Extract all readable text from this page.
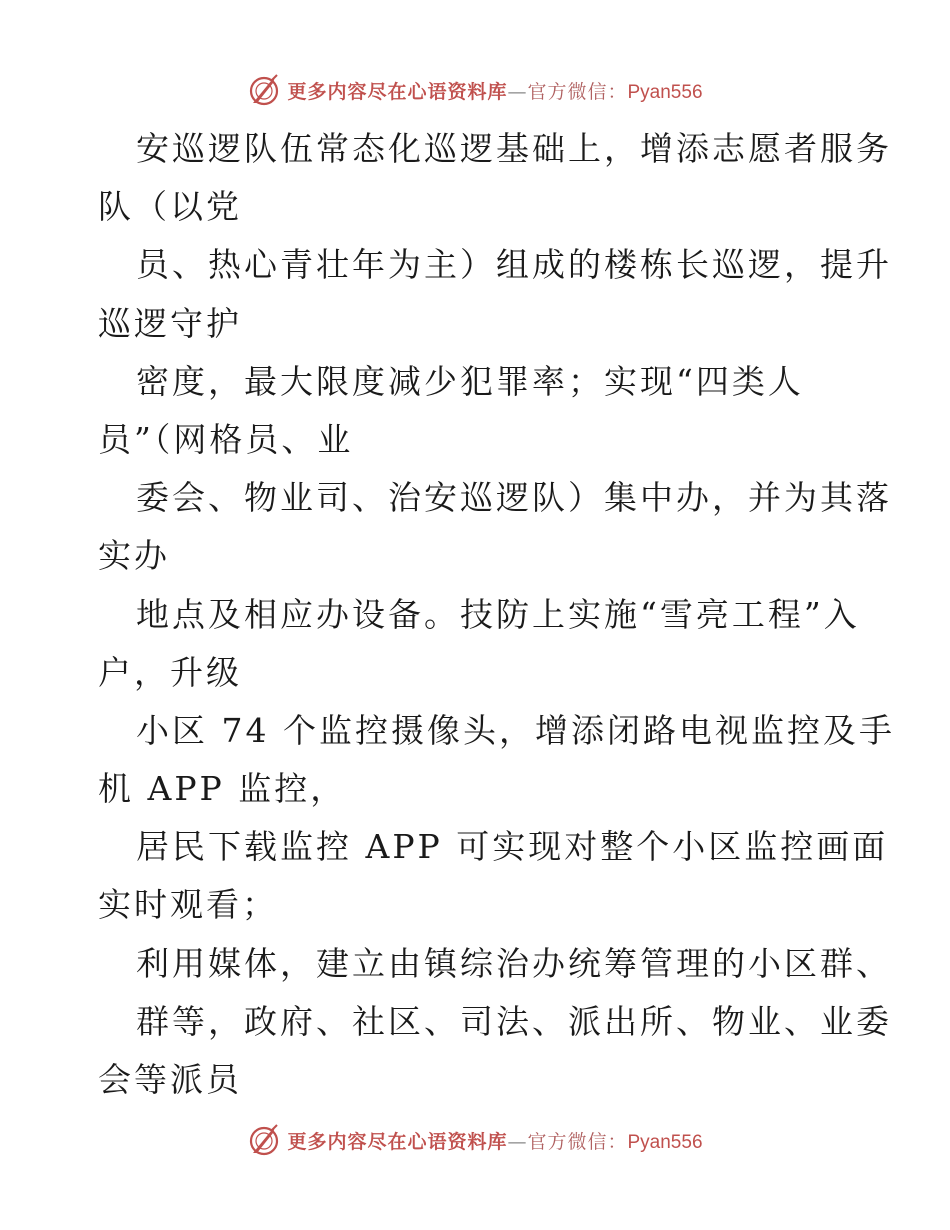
更多内容尽在心语资料库—官方微信：Pyan556
安巡逻队伍常态化巡逻基础上，增添志愿者服务
队（以党
员、热心青壮年为主）组成的楼栋长巡逻，提升
巡逻守护
密度，最大限度减少犯罪率；实现“四类人
员”（网格员、业
委会、物业司、治安巡逻队）集中办，并为其落
实办
地点及相应办设备。技防上实施“雪亮工程”入
户，升级
小区 74 个监控摄像头，增添闭路电视监控及手
机 APP 监控，
居民下载监控 APP 可实现对整个小区监控画面
实时观看；
利用媒体，建立由镇综治办统筹管理的小区群、
群等，政府、社区、司法、派出所、物业、业委
会等派员
更多内容尽在心语资料库—官方微信：Pyan556
